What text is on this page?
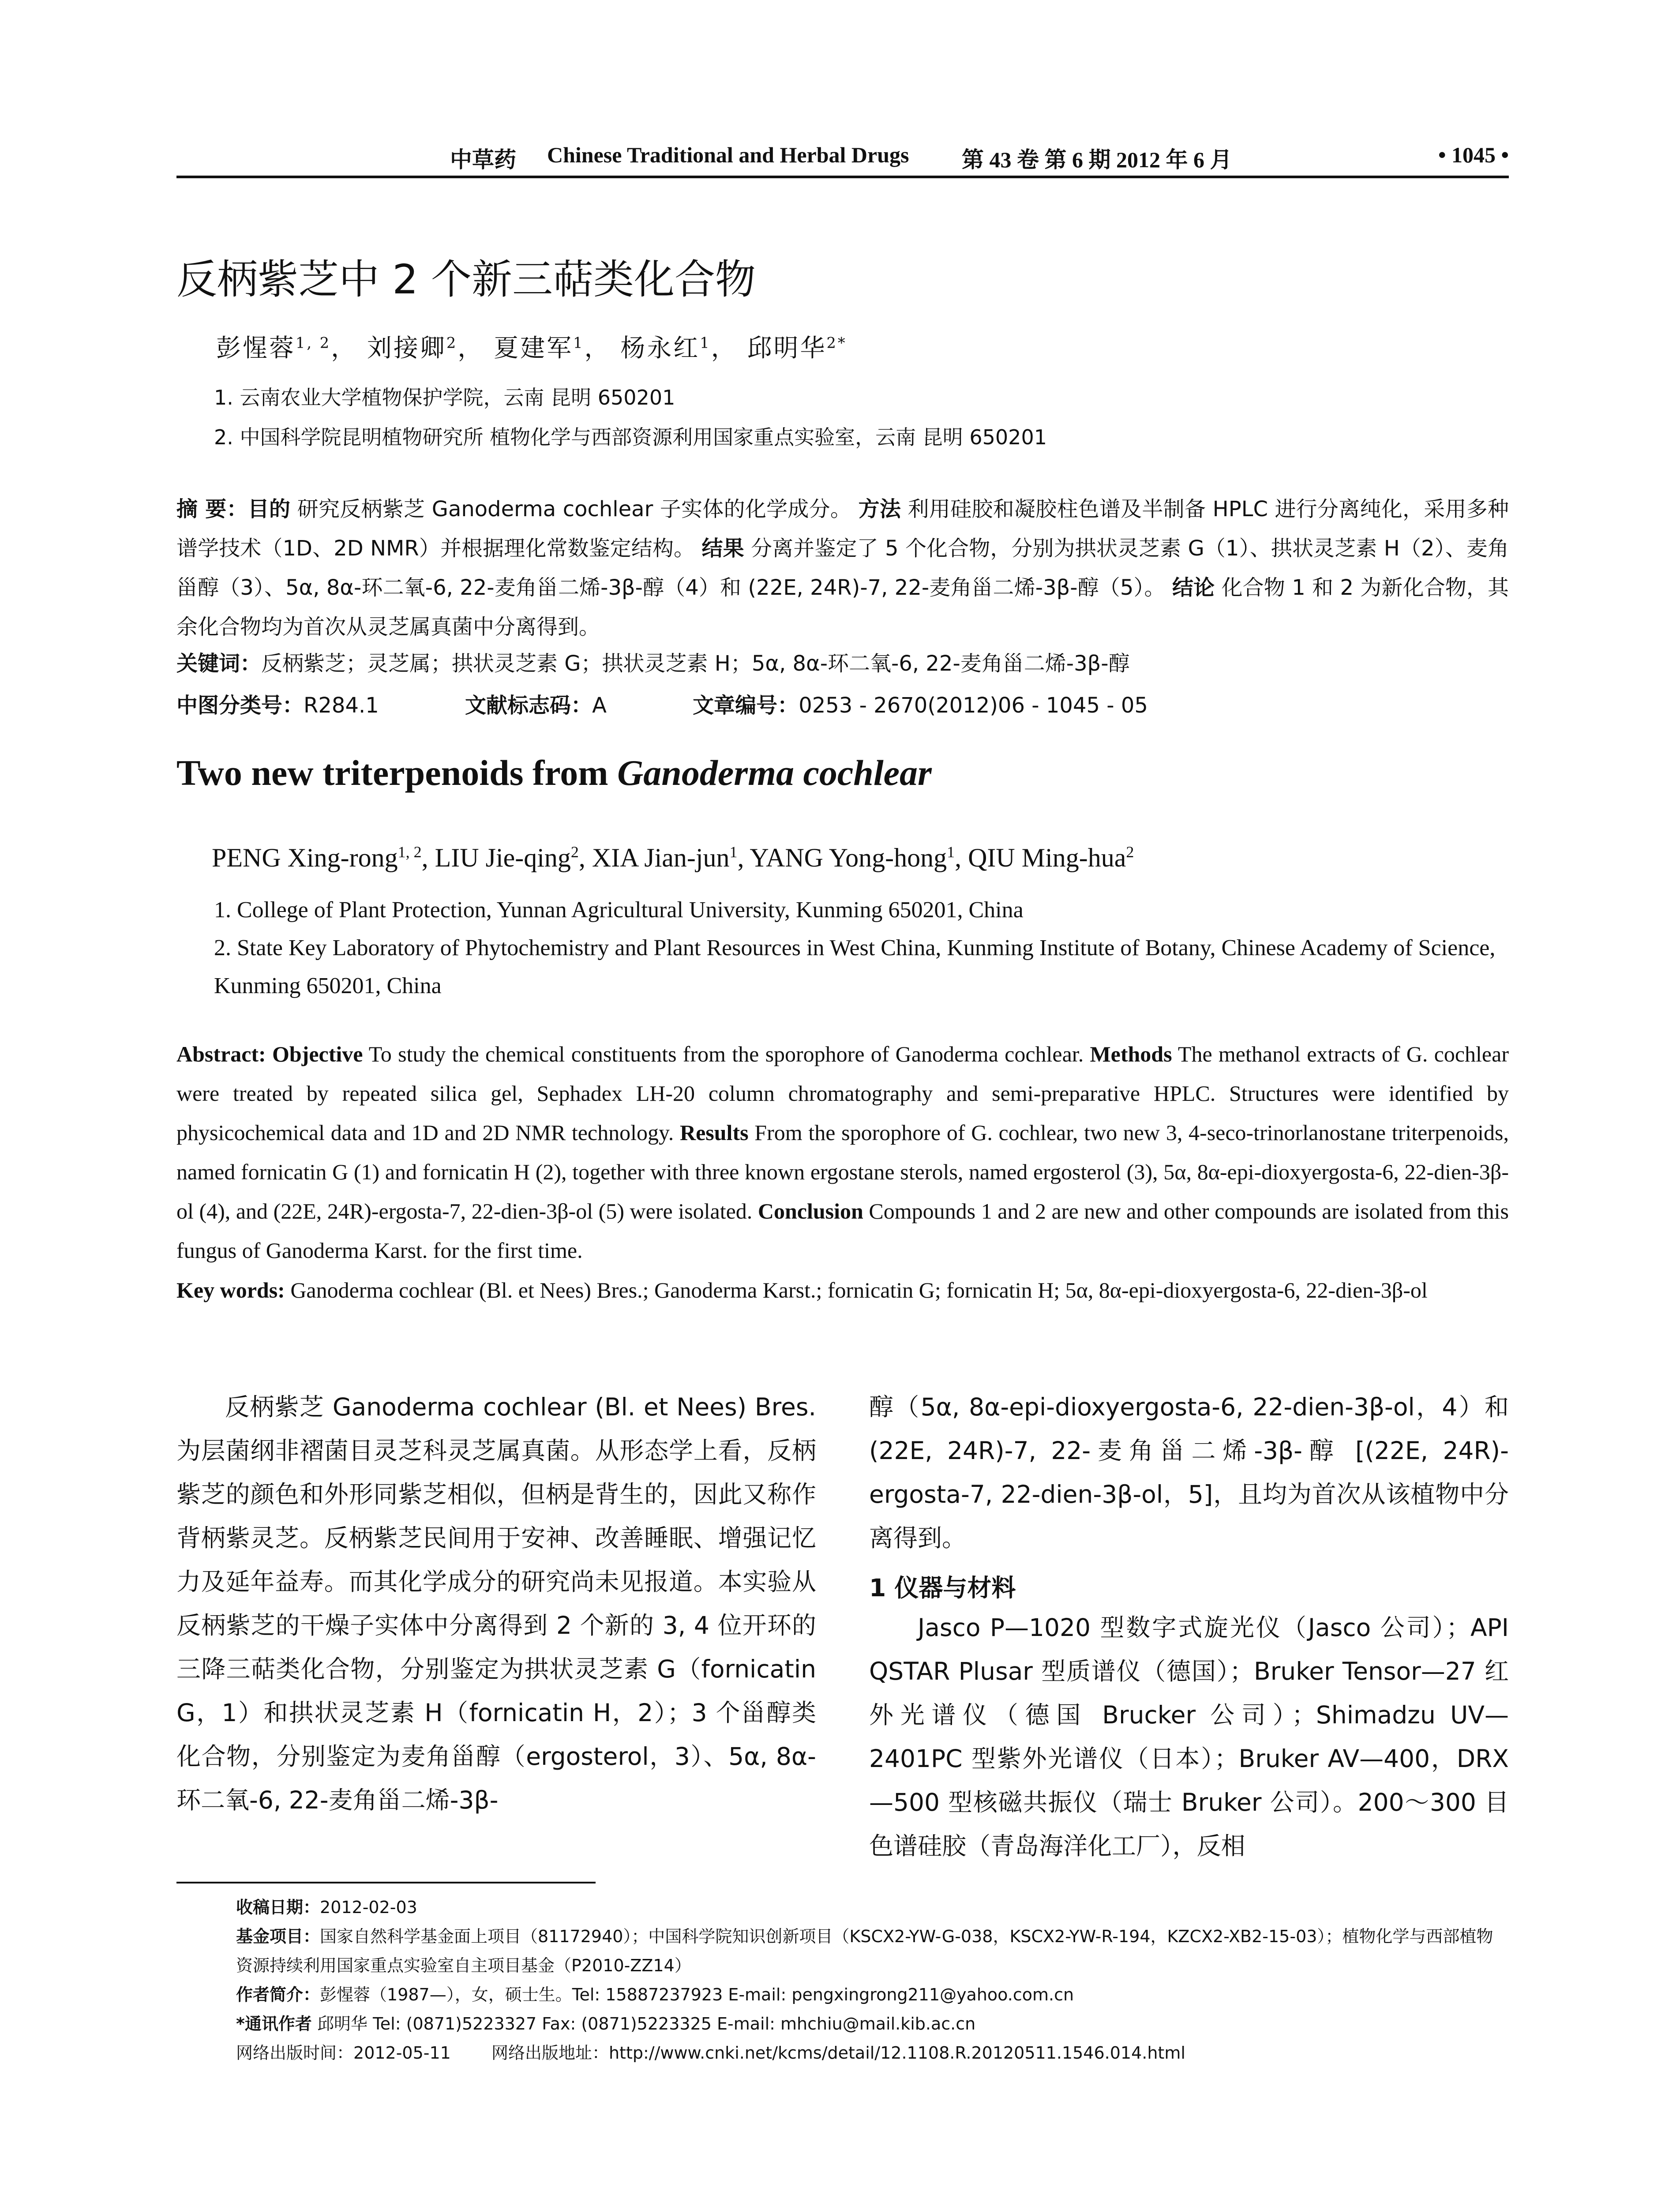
中草药 Chinese Traditional and Herbal Drugs 第 43 卷 第 6 期 2012 年 6 月	• 1045 •
反柄紫芝中 2 个新三萜类化合物
彭惺蓉$^{1, 2}$， 刘接卿$^2$， 夏建军$^1$， 杨永红$^1$， 邱明华$^{2*}$
1. 云南农业大学植物保护学院，云南 昆明 650201
2. 中国科学院昆明植物研究所 植物化学与西部资源利用国家重点实验室，云南 昆明 650201
摘 要：目的 研究反柄紫芝 Ganoderma cochlear 子实体的化学成分。 方法 利用硅胶和凝胶柱色谱及半制备 HPLC 进行分离纯化，采用多种谱学技术（1D、2D NMR）并根据理化常数鉴定结构。 结果 分离并鉴定了 5 个化合物，分别为拱状灵芝素 G（1）、拱状灵芝素 H（2）、麦角甾醇（3）、5α, 8α-环二氧-6, 22-麦角甾二烯-3β-醇（4）和 (22E, 24R)-7, 22-麦角甾二烯-3β-醇（5）。 结论 化合物 1 和 2 为新化合物，其余化合物均为首次从灵芝属真菌中分离得到。
关键词：反柄紫芝；灵芝属；拱状灵芝素 G；拱状灵芝素 H；5α, 8α-环二氧-6, 22-麦角甾二烯-3β-醇
中图分类号：R284.1	文献标志码：A	文章编号：0253 - 2670(2012)06 - 1045 - 05
Two new triterpenoids from Ganoderma cochlear
PENG Xing-rong$^{1, 2}$, LIU Jie-qing$^2$, XIA Jian-jun$^1$, YANG Yong-hong$^1$, QIU Ming-hua$^2$
1. College of Plant Protection, Yunnan Agricultural University, Kunming 650201, China
2. State Key Laboratory of Phytochemistry and Plant Resources in West China, Kunming Institute of Botany, Chinese Academy of Science, Kunming 650201, China
Abstract: Objective To study the chemical constituents from the sporophore of Ganoderma cochlear. Methods The methanol extracts of G. cochlear were treated by repeated silica gel, Sephadex LH-20 column chromatography and semi-preparative HPLC. Structures were identified by physicochemical data and 1D and 2D NMR technology. Results From the sporophore of G. cochlear, two new 3, 4-seco-trinorlanostane triterpenoids, named fornicatin G (1) and fornicatin H (2), together with three known ergostane sterols, named ergosterol (3), 5α, 8α-epi-dioxyergosta-6, 22-dien-3β-ol (4), and (22E, 24R)-ergosta-7, 22-dien-3β-ol (5) were isolated. Conclusion Compounds 1 and 2 are new and other compounds are isolated from this fungus of Ganoderma Karst. for the first time.
Key words: Ganoderma cochlear (Bl. et Nees) Bres.; Ganoderma Karst.; fornicatin G; fornicatin H; 5α, 8α-epi-dioxyergosta-6, 22-dien-3β-ol
反柄紫芝 Ganoderma cochlear (Bl. et Nees) Bres. 为层菌纲非褶菌目灵芝科灵芝属真菌。从形态学上看，反柄紫芝的颜色和外形同紫芝相似，但柄是背生的，因此又称作背柄紫灵芝。反柄紫芝民间用于安神、改善睡眠、增强记忆力及延年益寿。而其化学成分的研究尚未见报道。本实验从反柄紫芝的干燥子实体中分离得到 2 个新的 3, 4 位开环的三降三萜类化合物，分别鉴定为拱状灵芝素 G（fornicatin G，1）和拱状灵芝素 H（fornicatin H，2）；3 个甾醇类化合物，分别鉴定为麦角甾醇（ergosterol，3）、5α, 8α-环二氧-6, 22-麦角甾二烯-3β-
醇（5α, 8α-epi-dioxyergosta-6, 22-dien-3β-ol，4）和 (22E, 24R)-7, 22-麦角甾二烯-3β-醇 [(22E, 24R)-ergosta-7, 22-dien-3β-ol，5]，且均为首次从该植物中分离得到。
1 仪器与材料
Jasco P—1020 型数字式旋光仪（Jasco 公司）；API QSTAR Plusar 型质谱仪（德国）；Bruker Tensor—27 红外光谱仪（德国 Brucker 公司）；Shimadzu UV—2401PC 型紫外光谱仪（日本）；Bruker AV—400，DRX—500 型核磁共振仪（瑞士 Bruker 公司）。200～300 目色谱硅胶（青岛海洋化工厂），反相
收稿日期：2012-02-03
基金项目：国家自然科学基金面上项目（81172940）；中国科学院知识创新项目（KSCX2-YW-G-038，KSCX2-YW-R-194，KZCX2-XB2-15-03）；植物化学与西部植物资源持续利用国家重点实验室自主项目基金（P2010-ZZ14）
作者简介：彭惺蓉（1987—），女，硕士生。Tel: 15887237923 E-mail: pengxingrong211@yahoo.com.cn
*通讯作者 邱明华 Tel: (0871)5223327 Fax: (0871)5223325 E-mail: mhchiu@mail.kib.ac.cn
网络出版时间：2012-05-11 网络出版地址：http://www.cnki.net/kcms/detail/12.1108.R.20120511.1546.014.html
